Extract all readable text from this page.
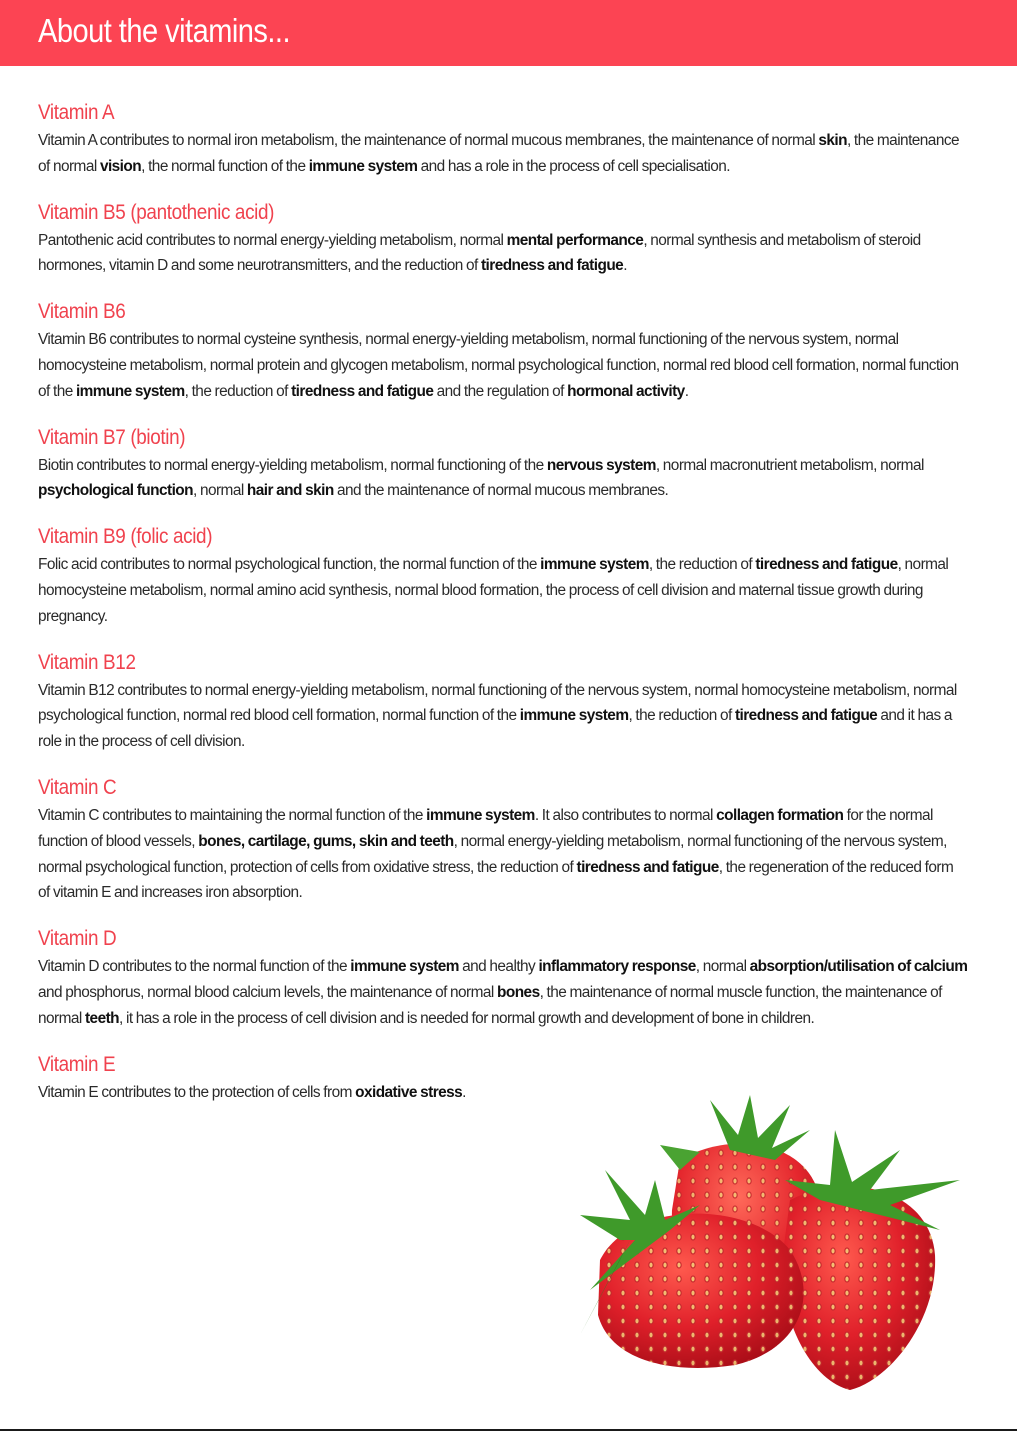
About the vitamins...
Vitamin A

Vitamin A contributes to normal iron metabolism, the maintenance of normal mucous membranes, the maintenance of normal skin, the maintenance of normal vision, the normal function of the immune system and has a role in the process of cell specialisation.

Vitamin B5 (pantothenic acid)

Pantothenic acid contributes to normal energy-yielding metabolism, normal mental performance, normal synthesis and metabolism of steroid hormones, vitamin D and some neurotransmitters, and the reduction of tiredness and fatigue.

Vitamin B6

Vitamin B6 contributes to normal cysteine synthesis, normal energy-yielding metabolism, normal functioning of the nervous system, normal homocysteine metabolism, normal protein and glycogen metabolism, normal psychological function, normal red blood cell formation, normal function of the immune system, the reduction of tiredness and fatigue and the regulation of hormonal activity.

Vitamin B7 (biotin)

Biotin contributes to normal energy-yielding metabolism, normal functioning of the nervous system, normal macronutrient metabolism, normal psychological function, normal hair and skin and the maintenance of normal mucous membranes.

Vitamin B9 (folic acid)

Folic acid contributes to normal psychological function, the normal function of the immune system, the reduction of tiredness and fatigue, normal homocysteine metabolism, normal amino acid synthesis, normal blood formation, the process of cell division and maternal tissue growth during pregnancy.

Vitamin B12

Vitamin B12 contributes to normal energy-yielding metabolism, normal functioning of the nervous system, normal homocysteine metabolism, normal psychological function, normal red blood cell formation, normal function of the immune system, the reduction of tiredness and fatigue and it has a role in the process of cell division.

Vitamin C

Vitamin C contributes to maintaining the normal function of the immune system. It also contributes to normal collagen formation for the normal function of blood vessels, bones, cartilage, gums, skin and teeth, normal energy-yielding metabolism, normal functioning of the nervous system, normal psychological function, protection of cells from oxidative stress, the reduction of tiredness and fatigue, the regeneration of the reduced form of vitamin E and increases iron absorption.

Vitamin D

Vitamin D contributes to the normal function of the immune system and healthy inflammatory response, normal absorption/utilisation of calcium and phosphorus, normal blood calcium levels, the maintenance of normal bones, the maintenance of normal muscle function, the maintenance of normal teeth, it has a role in the process of cell division and is needed for normal growth and development of bone in children.

Vitamin E

Vitamin E contributes to the protection of cells from oxidative stress.
